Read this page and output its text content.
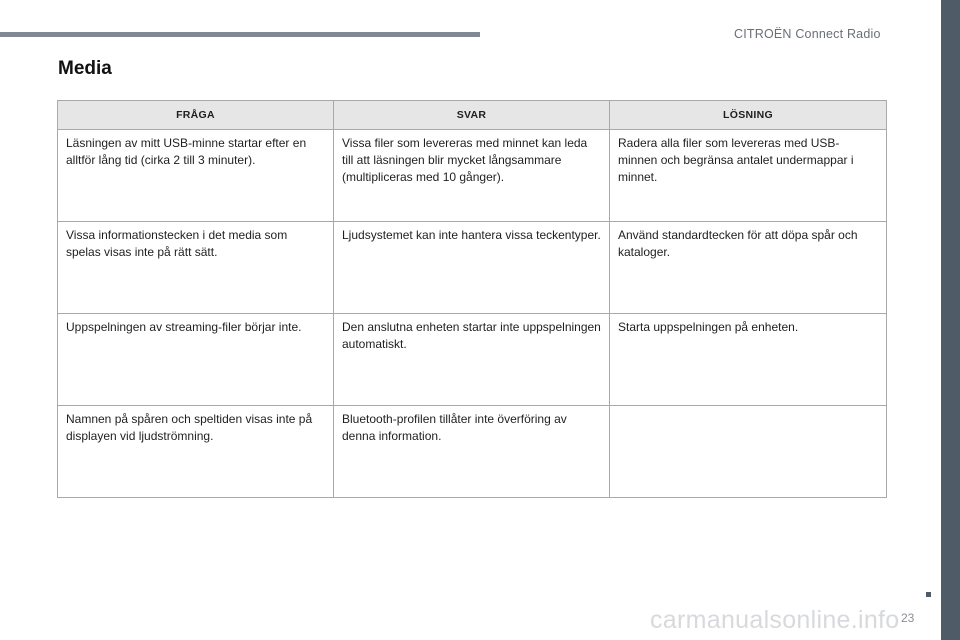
CITROËN Connect Radio
Media
FRÅGA	SVAR	LÖSNING
Läsningen av mitt USB-minne startar efter en alltför lång tid (cirka 2 till 3 minuter).	Vissa filer som levereras med minnet kan leda till att läsningen blir mycket långsammare (multipliceras med 10 gånger).	Radera alla filer som levereras med USB-minnen och begränsa antalet undermappar i minnet.
Vissa informationstecken i det media som spelas visas inte på rätt sätt.	Ljudsystemet kan inte hantera vissa teckentyper.	Använd standardtecken för att döpa spår och kataloger.
Uppspelningen av streaming-filer börjar inte.	Den anslutna enheten startar inte uppspelningen automatiskt.	Starta uppspelningen på enheten.
Namnen på spåren och speltiden visas inte på displayen vid ljudströmning.	Bluetooth-profilen tillåter inte överföring av denna information.	
carmanualsonline.info 23
